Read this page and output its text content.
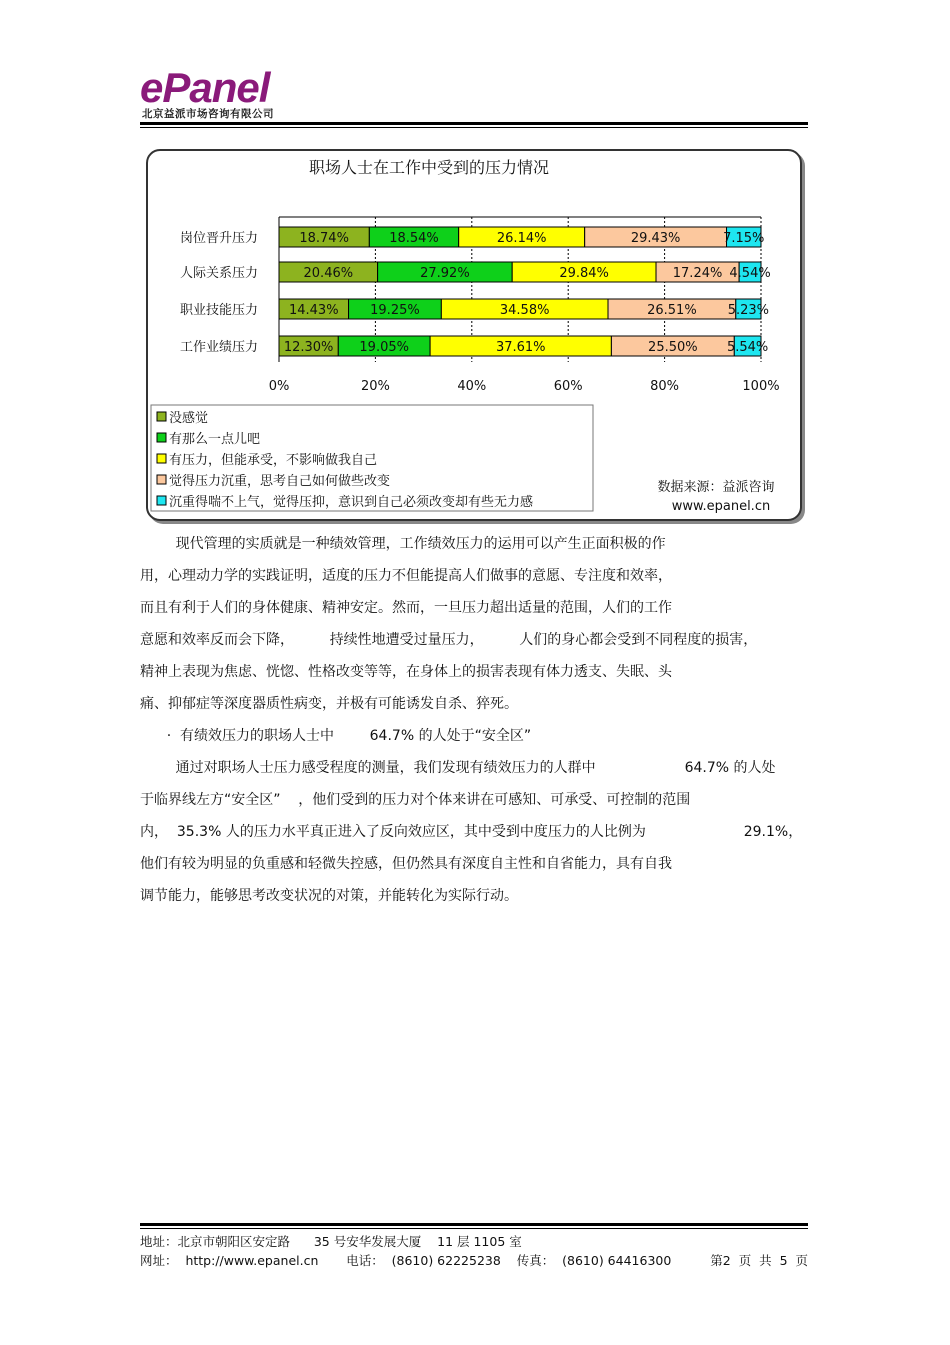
ePanel
北京益派市场咨询有限公司
职场人士在工作中受到的压力情况
岗位晋升压力	18.74%	18.54%	26.14%	29.43%	7.15%
人际关系压力	20.46%	27.92%	29.84%	17.24% 4.54%
职业技能压力 14.43% 19.25%	34.58%	26.51% 5.23%
工作业绩压力 12.30% 19.05%	37.61%	25.50% 5.54%
0%	20%	40%	60%	80%	100%
没感觉
有那么一点儿吧
有压力，但能承受，不影响做我自己
觉得压力沉重，思考自己如何做些改变
沉重得喘不上气，觉得压抑，意识到自己必须改变却有些无力感
数据来源：益派咨询
www.epanel.cn

现代管理的实质就是一种绩效管理，工作绩效压力的运用可以产生正面积极的作

用，心理动力学的实践证明，适度的压力不但能提高人们做事的意愿、专注度和效率，

而且有利于人们的身体健康、精神安定。然而，一旦压力超出适量的范围，人们的工作

意愿和效率反而会下降，        持续性地遭受过量压力，        人们的身心都会受到不同程度的损害，

精神上表现为焦虑、恍惚、性格改变等等，在身体上的损害表现有体力透支、失眠、头

痛、抑郁症等深度器质性病变，并极有可能诱发自杀、猝死。

·  有绩效压力的职场人士中        64.7% 的人处于“安全区”

通过对职场人士压力感受程度的测量，我们发现有绩效压力的人群中                    64.7% 的人处

于临界线左方“安全区”    ，他们受到的压力对个体来讲在可感知、可承受、可控制的范围

内，  35.3% 人的压力水平真正进入了反向效应区，其中受到中度压力的人比例为                      29.1%，

他们有较为明显的负重感和轻微失控感，但仍然具有深度自主性和自省能力，具有自我

调节能力，能够思考改变状况的对策，并能转化为实际行动。

地址：北京市朝阳区安定路      35 号安华发展大厦    11 层 1105 室
网址：  http://www.epanel.cn       电话：  (8610) 62225238    传真：  (8610) 64416300	第2  页  共  5  页
